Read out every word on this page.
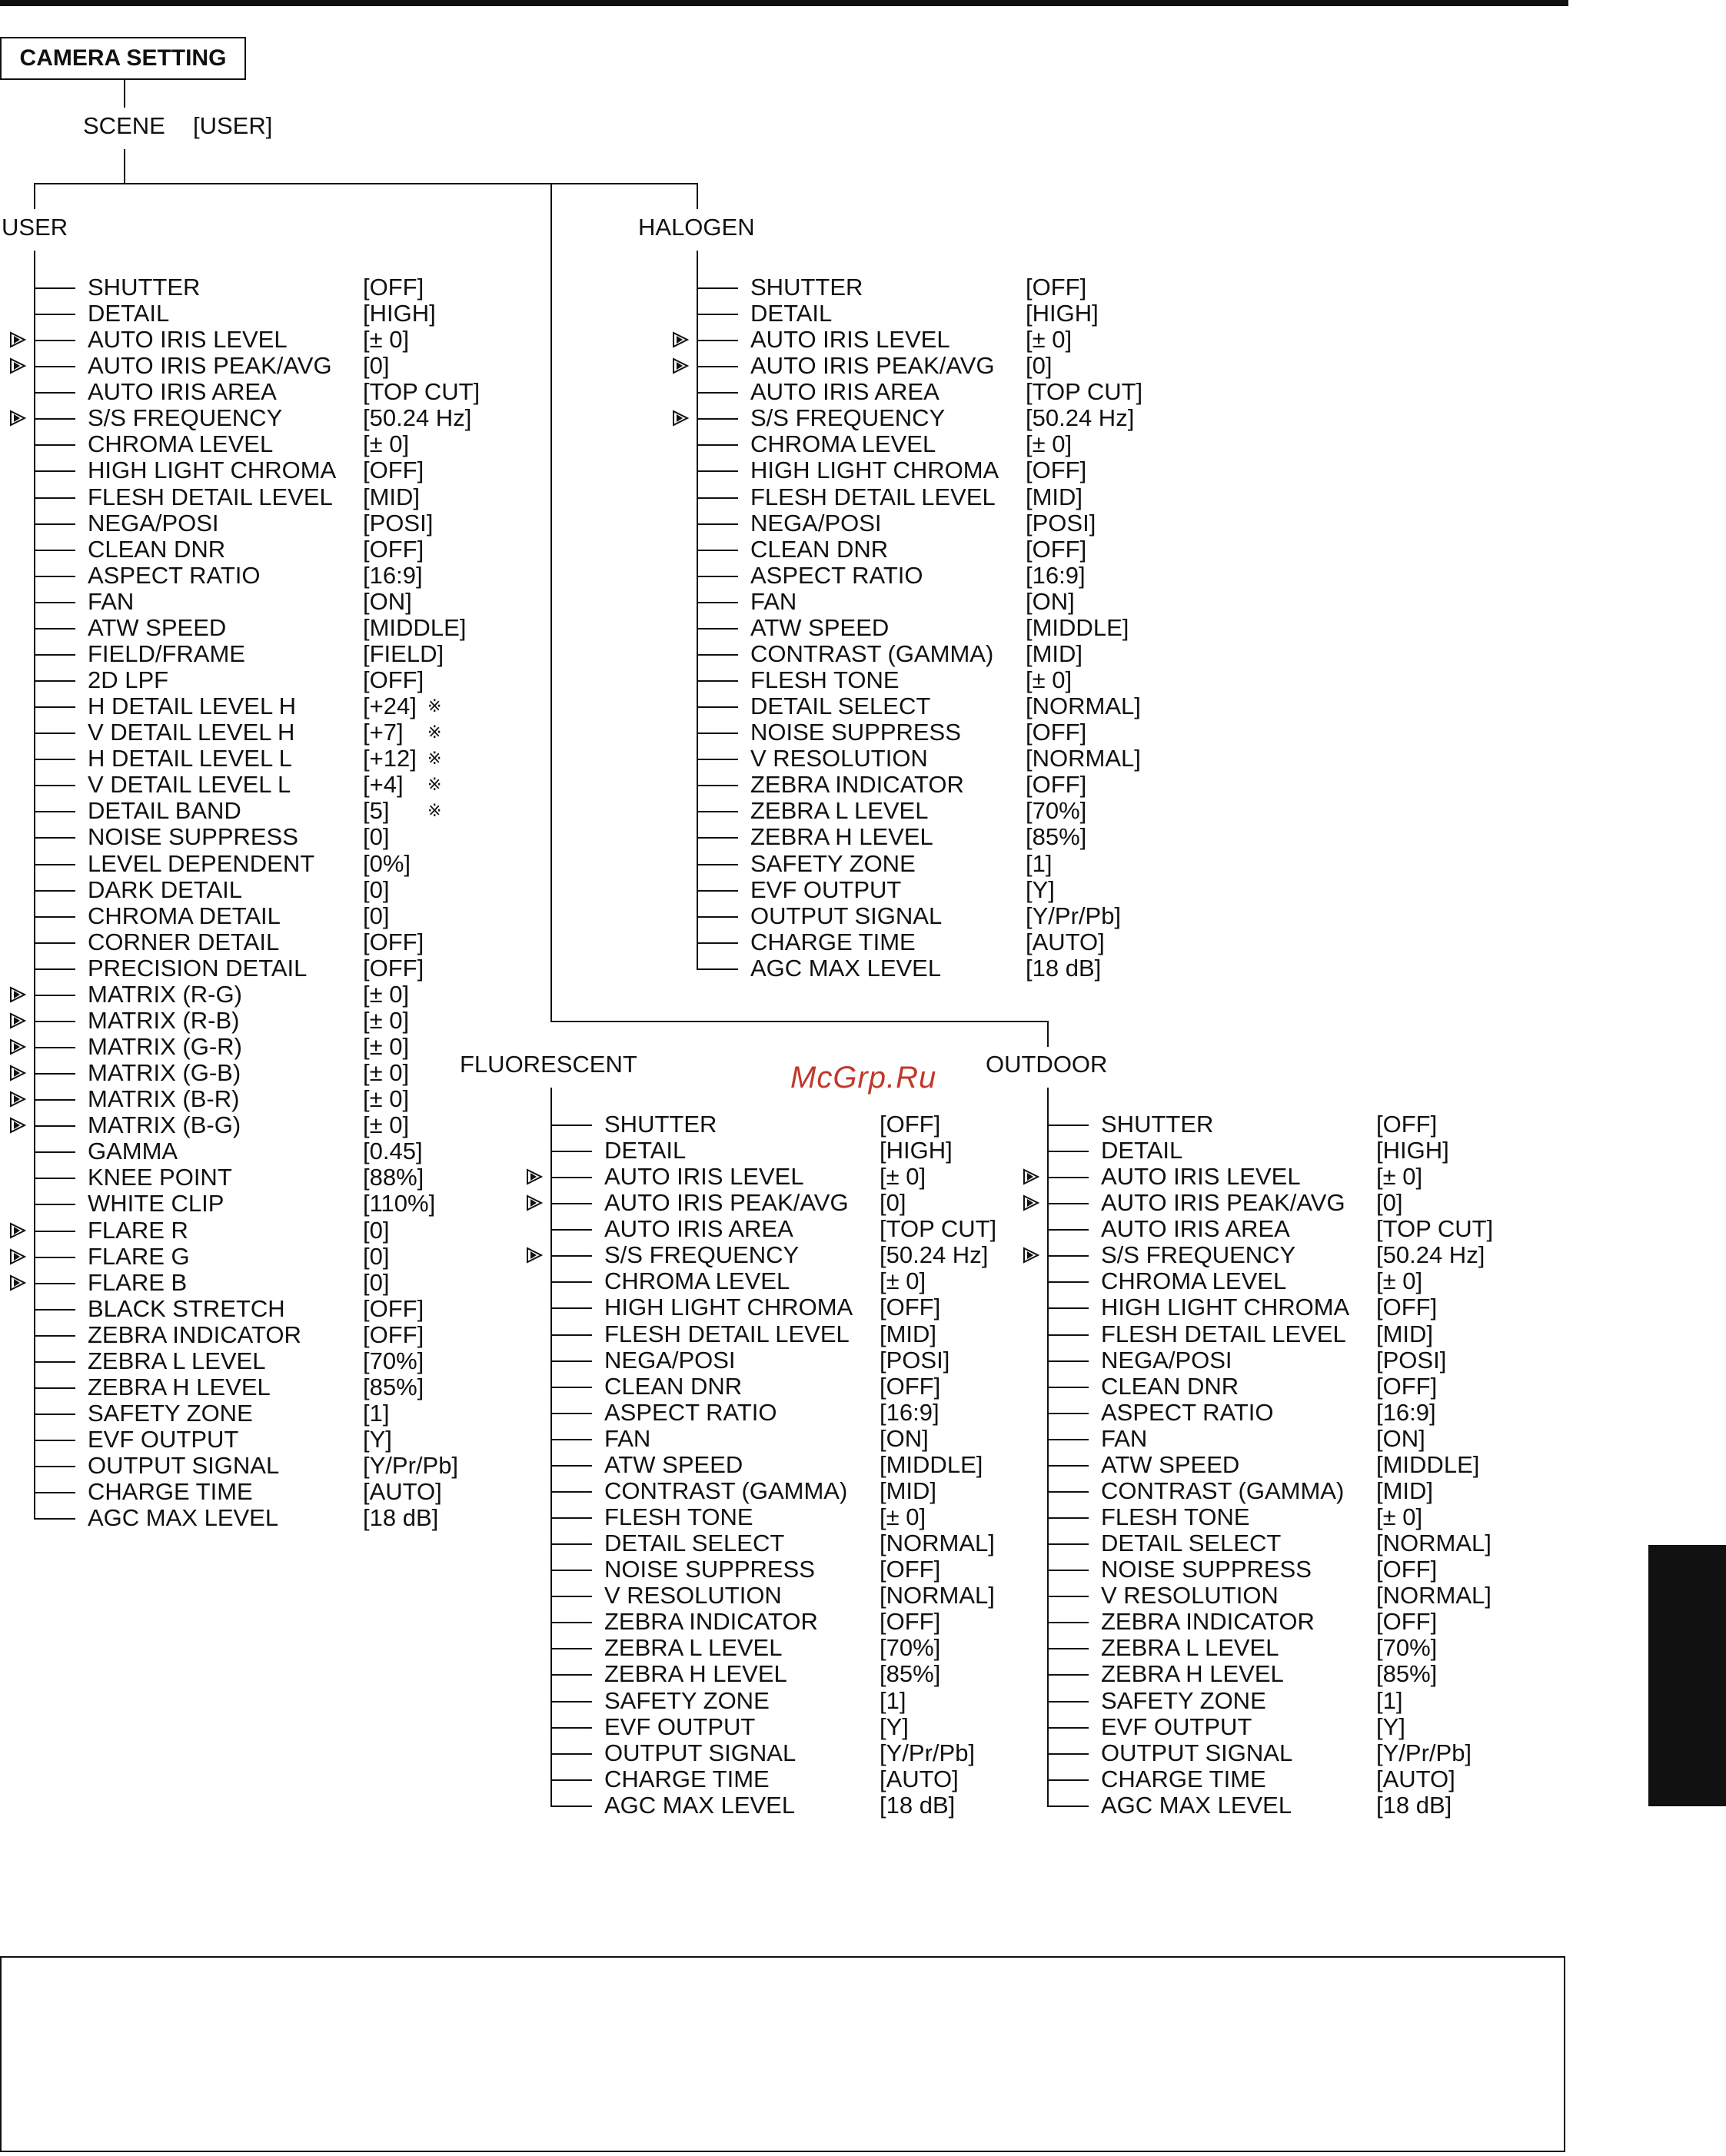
CAMERA SETTING
SCENE [USER]
USER	HALOGEN
FLUORESCENT	OUTDOOR
McGrp.Ru
SHUTTER	[OFF]
DETAIL	[HIGH]
AUTO IRIS LEVEL	[± 0]
AUTO IRIS PEAK/AVG [0]
AUTO IRIS AREA	[TOP CUT]
S/S FREQUENCY	[50.24 Hz]
CHROMA LEVEL	[± 0]
HIGH LIGHT CHROMA [OFF]
FLESH DETAIL LEVEL [MID]
NEGA/POSI	[POSI]
CLEAN DNR	[OFF]
ASPECT RATIO	[16:9]
FAN	[ON]
ATW SPEED	[MIDDLE]
FIELD/FRAME	[FIELD]
2D LPF	[OFF]
H DETAIL LEVEL H	[+24] ※
V DETAIL LEVEL H	[+7] ※
H DETAIL LEVEL L	[+12] ※
V DETAIL LEVEL L	[+4] ※
DETAIL BAND	[5] ※
NOISE SUPPRESS	[0]
LEVEL DEPENDENT [0%]
DARK DETAIL	[0]
CHROMA DETAIL	[0]
CORNER DETAIL	[OFF]
PRECISION DETAIL [OFF]
MATRIX (R-G)	[± 0]
MATRIX (R-B)	[± 0]
MATRIX (G-R)	[± 0]
MATRIX (G-B)	[± 0]
MATRIX (B-R)	[± 0]
MATRIX (B-G)	[± 0]
GAMMA	[0.45]
KNEE POINT	[88%]
WHITE CLIP	[110%]
FLARE R	[0]
FLARE G	[0]
FLARE B	[0]
BLACK STRETCH	[OFF]
ZEBRA INDICATOR	[OFF]
ZEBRA L LEVEL	[70%]
ZEBRA H LEVEL	[85%]
SAFETY ZONE	[1]
EVF OUTPUT	[Y]
OUTPUT SIGNAL	[Y/Pr/Pb]
CHARGE TIME	[AUTO]
AGC MAX LEVEL	[18 dB]
SHUTTER	[OFF]
DETAIL	[HIGH]
AUTO IRIS LEVEL	[± 0]
AUTO IRIS PEAK/AVG [0]
AUTO IRIS AREA	[TOP CUT]
S/S FREQUENCY	[50.24 Hz]
CHROMA LEVEL	[± 0]
HIGH LIGHT CHROMA [OFF]
FLESH DETAIL LEVEL [MID]
NEGA/POSI	[POSI]
CLEAN DNR	[OFF]
ASPECT RATIO	[16:9]
FAN	[ON]
ATW SPEED	[MIDDLE]
CONTRAST (GAMMA) [MID]
FLESH TONE	[± 0]
DETAIL SELECT	[NORMAL]
NOISE SUPPRESS	[OFF]
V RESOLUTION	[NORMAL]
ZEBRA INDICATOR	[OFF]
ZEBRA L LEVEL	[70%]
ZEBRA H LEVEL	[85%]
SAFETY ZONE	[1]
EVF OUTPUT	[Y]
OUTPUT SIGNAL	[Y/Pr/Pb]
CHARGE TIME	[AUTO]
AGC MAX LEVEL	[18 dB]
SHUTTER	[OFF]
DETAIL	[HIGH]
AUTO IRIS LEVEL	[± 0]
AUTO IRIS PEAK/AVG [0]
AUTO IRIS AREA	[TOP CUT]
S/S FREQUENCY	[50.24 Hz]
CHROMA LEVEL	[± 0]
HIGH LIGHT CHROMA [OFF]
FLESH DETAIL LEVEL [MID]
NEGA/POSI	[POSI]
CLEAN DNR	[OFF]
ASPECT RATIO	[16:9]
FAN	[ON]
ATW SPEED	[MIDDLE]
CONTRAST (GAMMA) [MID]
FLESH TONE	[± 0]
DETAIL SELECT	[NORMAL]
NOISE SUPPRESS	[OFF]
V RESOLUTION	[NORMAL]
ZEBRA INDICATOR	[OFF]
ZEBRA L LEVEL	[70%]
ZEBRA H LEVEL	[85%]
SAFETY ZONE	[1]
EVF OUTPUT	[Y]
OUTPUT SIGNAL	[Y/Pr/Pb]
CHARGE TIME	[AUTO]
AGC MAX LEVEL	[18 dB]
SHUTTER	[OFF]
DETAIL	[HIGH]
AUTO IRIS LEVEL	[± 0]
AUTO IRIS PEAK/AVG [0]
AUTO IRIS AREA	[TOP CUT]
S/S FREQUENCY	[50.24 Hz]
CHROMA LEVEL	[± 0]
HIGH LIGHT CHROMA [OFF]
FLESH DETAIL LEVEL [MID]
NEGA/POSI	[POSI]
CLEAN DNR	[OFF]
ASPECT RATIO	[16:9]
FAN	[ON]
ATW SPEED	[MIDDLE]
CONTRAST (GAMMA) [MID]
FLESH TONE	[± 0]
DETAIL SELECT	[NORMAL]
NOISE SUPPRESS	[OFF]
V RESOLUTION	[NORMAL]
ZEBRA INDICATOR	[OFF]
ZEBRA L LEVEL	[70%]
ZEBRA H LEVEL	[85%]
SAFETY ZONE	[1]
EVF OUTPUT	[Y]
OUTPUT SIGNAL	[Y/Pr/Pb]
CHARGE TIME	[AUTO]
AGC MAX LEVEL	[18 dB]
